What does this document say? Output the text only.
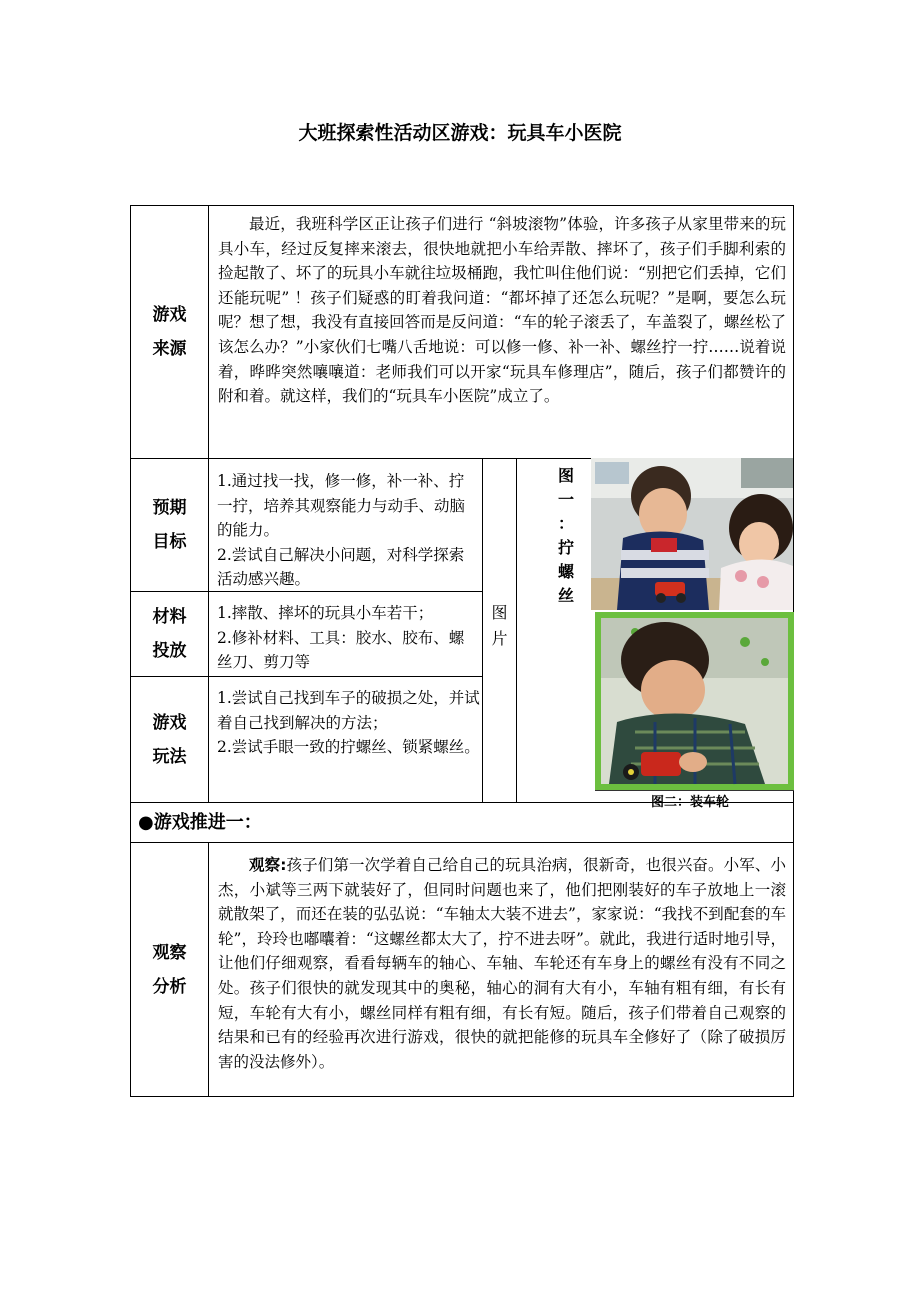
大班探索性活动区游戏：玩具车小医院
游戏
来源
最近，我班科学区正让孩子们进行 “斜坡滚物”体验，许多孩子从家里带来的玩具小车，经过反复摔来滚去，很快地就把小车给弄散、摔坏了，孩子们手脚利索的捡起散了、坏了的玩具小车就往垃圾桶跑，我忙叫住他们说：“别把它们丢掉，它们还能玩呢” ！孩子们疑惑的盯着我问道：“都坏掉了还怎么玩呢？”是啊，要怎么玩呢？想了想，我没有直接回答而是反问道：“车的轮子滚丢了，车盖裂了，螺丝松了该怎么办？”小家伙们七嘴八舌地说：可以修一修、补一补、螺丝拧一拧……说着说着，晔晔突然嚷嚷道：老师我们可以开家“玩具车修理店”，随后，孩子们都赞许的附和着。就这样，我们的“玩具车小医院”成立了。
预期
目标
1.通过找一找，修一修，补一补、拧一拧，培养其观察能力与动手、动脑的能力。
2.尝试自己解决小问题，对科学探索活动感兴趣。
材料
投放
1.摔散、摔坏的玩具小车若干；
2.修补材料、工具：胶水、胶布、螺丝刀、剪刀等
游戏
玩法
1.尝试自己找到车子的破损之处，并试着自己找到解决的方法；
2.尝试手眼一致的拧螺丝、锁紧螺丝。
图
片
图
一
：
拧
螺
丝
图二：装车轮
●游戏推进一：
观察
分析
观察:孩子们第一次学着自己给自己的玩具治病，很新奇，也很兴奋。小军、小杰，小斌等三两下就装好了，但同时问题也来了，他们把刚装好的车子放地上一滚就散架了，而还在装的弘弘说：“车轴太大装不进去”，家家说：“我找不到配套的车轮”，玲玲也嘟囔着：“这螺丝都太大了，拧不进去呀”。就此，我进行适时地引导，让他们仔细观察，看看每辆车的轴心、车轴、车轮还有车身上的螺丝有没有不同之处。孩子们很快的就发现其中的奥秘，轴心的洞有大有小，车轴有粗有细，有长有短，车轮有大有小，螺丝同样有粗有细，有长有短。随后，孩子们带着自己观察的结果和已有的经验再次进行游戏，很快的就把能修的玩具车全修好了（除了破损厉害的没法修外）。
